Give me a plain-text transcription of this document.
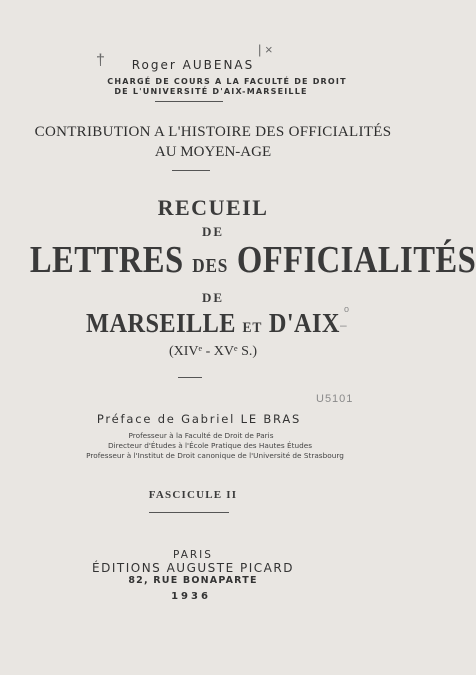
†
| ×
Roger AUBENAS
CHARGÉ DE COURS A LA FACULTÉ DE DROIT
DE L'UNIVERSITÉ D'AIX-MARSEILLE
CONTRIBUTION A L'HISTOIRE DES OFFICIALITÉS
AU MOYEN-AGE
RECUEIL
DE
LETTRES DES OFFICIALITÉS
DE
MARSEILLE ET D'AIX
(XIVᵉ - XVᵉ S.)
o
–
U5101
Préface de Gabriel LE BRAS
Professeur à la Faculté de Droit de Paris
Directeur d'Études à l'École Pratique des Hautes Études
Professeur à l'Institut de Droit canonique de l'Université de Strasbourg
FASCICULE II
PARIS
ÉDITIONS AUGUSTE PICARD
82, RUE BONAPARTE
1936
